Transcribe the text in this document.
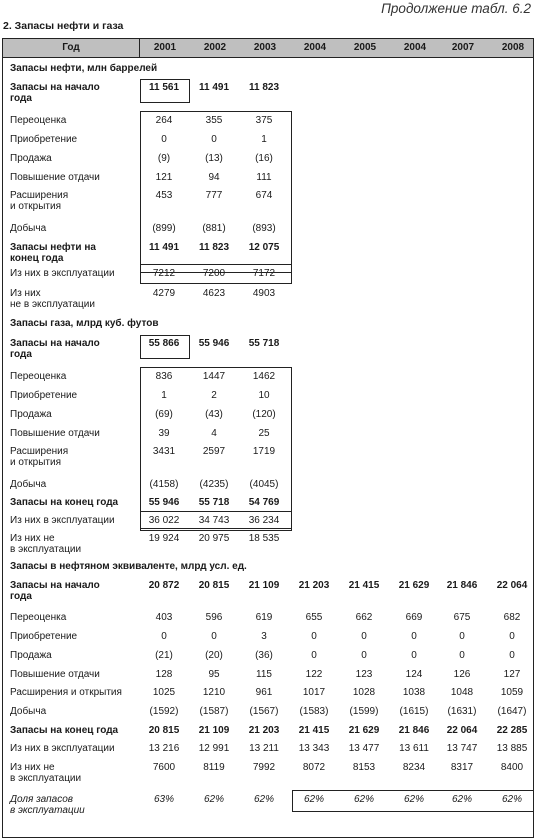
Продолжение табл. 6.2
2. Запасы нефти и газа
Год	2001	2002	2003	2004	2005	2004	2007	2008
Запасы нефти, млн баррелей
Запасы на начало
года
11 561	11 491	11 823
Переоценка	264	355	375
Приобретение	0	0	1
Продажа	(9)	(13)	(16)
Повышение отдачи	121	94	111
Расширения
и открытия
453	777	674
Добыча	(899)	(881)	(893)
Запасы нефти на
конец года
11 491	11 823	12 075
Из них в эксплуатации	7212	7200	7172
Из них
не в эксплуатации
4279	4623	4903
Запасы газа, млрд куб. футов
Запасы на начало
года
55 866	55 946	55 718
Переоценка	836	1447	1462
Приобретение	1	2	10
Продажа	(69)	(43)	(120)
Повышение отдачи	39	4	25
Расширения
и открытия
3431	2597	1719
Добыча	(4158)	(4235)	(4045)
Запасы на конец года	55 946	55 718	54 769
Из них в эксплуатации	36 022	34 743	36 234
Из них не
в эксплуатации
19 924	20 975	18 535
Запасы в нефтяном эквиваленте, млрд усл. ед.
Запасы на начало
года
20 872	20 815	21 109	21 203	21 415	21 629	21 846	22 064
Переоценка	403	596	619	655	662	669	675	682
Приобретение	0	0	3	0	0	0	0	0
Продажа	(21)	(20)	(36)	0	0	0	0	0
Повышение отдачи	128	95	115	122	123	124	126	127
Расширения и открытия	1025	1210	961	1017	1028	1038	1048	1059
Добыча	(1592)	(1587)	(1567)	(1583)	(1599)	(1615)	(1631)	(1647)
Запасы на конец года	20 815	21 109	21 203	21 415	21 629	21 846	22 064	22 285
Из них в эксплуатации	13 216	12 991	13 211	13 343	13 477	13 611	13 747	13 885
Из них не
в эксплуатации
7600	8119	7992	8072	8153	8234	8317	8400
Доля запасов
в эксплуатации
63%	62%	62%	62%	62%	62%	62%	62%
